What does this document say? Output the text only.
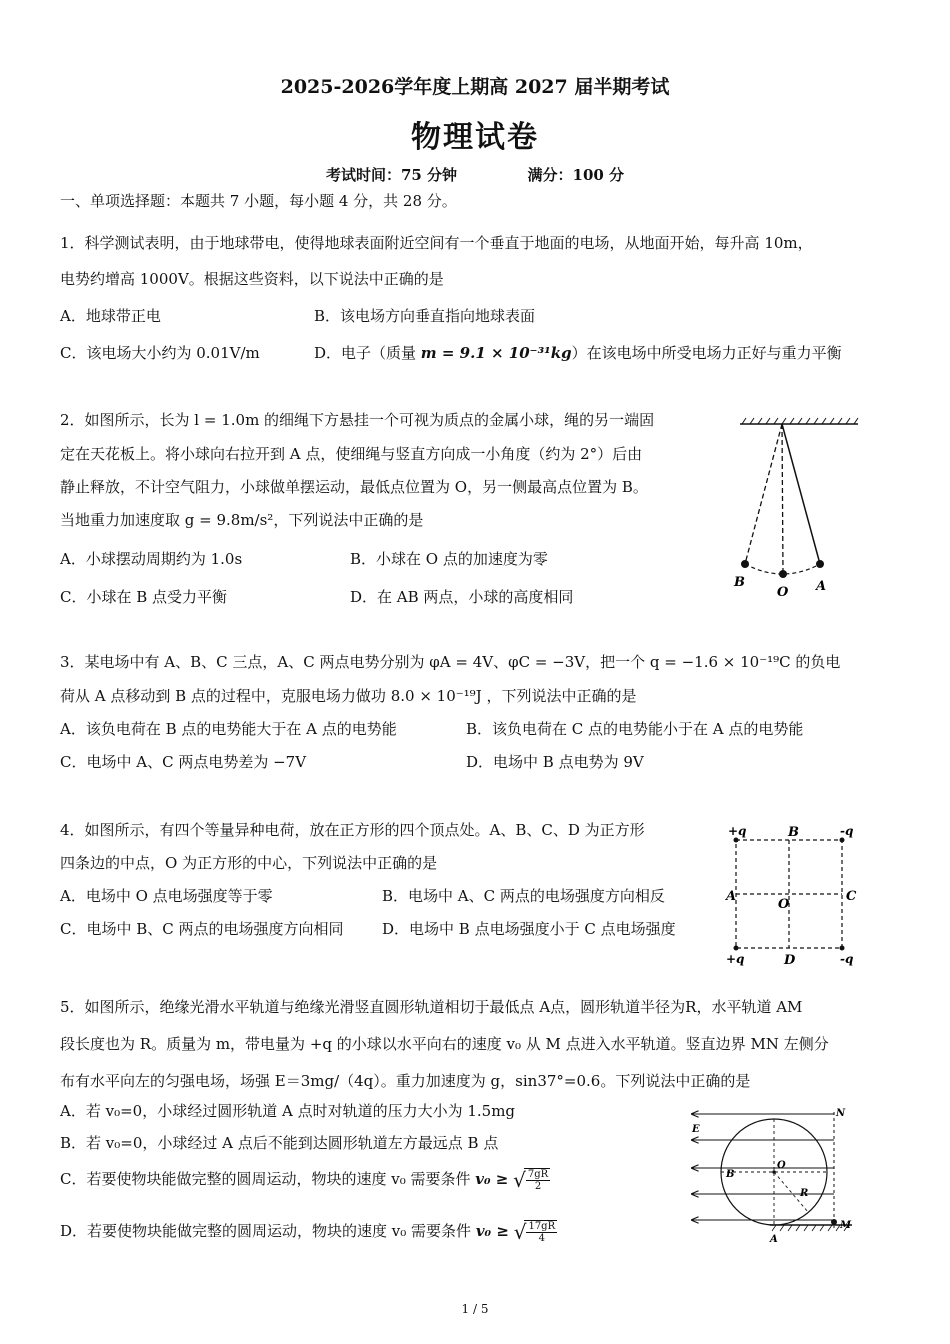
2025-2026学年度上期高 2027 届半期考试
物理试卷
考试时间：75 分钟	满分：100 分
一、单项选择题：本题共 7 小题，每小题 4 分，共 28 分。
1．科学测试表明，由于地球带电，使得地球表面附近空间有一个垂直于地面的电场，从地面开始，每升高 10m，
电势约增高 1000V。根据这些资料，以下说法中正确的是
A．地球带正电	B．该电场方向垂直指向地球表面
C．该电场大小约为 0.01V/m	D．电子（质量 m = 9.1 × 10⁻³¹kg）在该电场中所受电场力正好与重力平衡
2．如图所示，长为 l = 1.0m 的细绳下方悬挂一个可视为质点的金属小球，绳的另一端固
定在天花板上。将小球向右拉开到 A 点，使细绳与竖直方向成一小角度（约为 2°）后由
静止释放，不计空气阻力，小球做单摆运动，最低点位置为 O，另一侧最高点位置为 B。
当地重力加速度取 g = 9.8m/s²，下列说法中正确的是
A．小球摆动周期约为 1.0s	B．小球在 O 点的加速度为零
C．小球在 B 点受力平衡	D．在 AB 两点，小球的高度相同
B
O A
3．某电场中有 A、B、C 三点，A、C 两点电势分别为 φA = 4V、φC = −3V，把一个 q = −1.6 × 10⁻¹⁹C 的负电
荷从 A 点移动到 B 点的过程中，克服电场力做功 8.0 × 10⁻¹⁹J ，下列说法中正确的是
A．该负电荷在 B 点的电势能大于在 A 点的电势能	B．该负电荷在 C 点的电势能小于在 A 点的电势能
C．电场中 A、C 两点电势差为 −7V	D．电场中 B 点电势为 9V
4．如图所示，有四个等量异种电荷，放在正方形的四个顶点处。A、B、C、D 为正方形
四条边的中点，O 为正方形的中心，下列说法中正确的是
A．电场中 O 点电场强度等于零	B．电场中 A、C 两点的电场强度方向相反
C．电场中 B、C 两点的电场强度方向相同	D．电场中 B 点电场强度小于 C 点电场强度
+q	-q
+q	-q
B
A	C
O
D
5．如图所示，绝缘光滑水平轨道与绝缘光滑竖直圆形轨道相切于最低点 A点，圆形轨道半径为R，水平轨道 AM
段长度也为 R。质量为 m，带电量为 +q 的小球以水平向右的速度 v₀ 从 M 点进入水平轨道。竖直边界 MN 左侧分
布有水平向左的匀强电场，场强 E＝3mg/（4q）。重力加速度为 g，sin37°=0.6。下列说法中正确的是
A．若 v₀=0，小球经过圆形轨道 A 点时对轨道的压力大小为 1.5mg
B．若 v₀=0，小球经过 A 点后不能到达圆形轨道左方最远点 B 点
C．若要使物块能做完整的圆周运动，物块的速度 v₀ 需要条件 v₀ ≥ √ $\frac{7gR}{2}$
D．若要使物块能做完整的圆周运动，物块的速度 v₀ 需要条件 v₀ ≥ √ $\frac{17gR}{4}$
N
E
B
O
R
M
A
1 / 5
